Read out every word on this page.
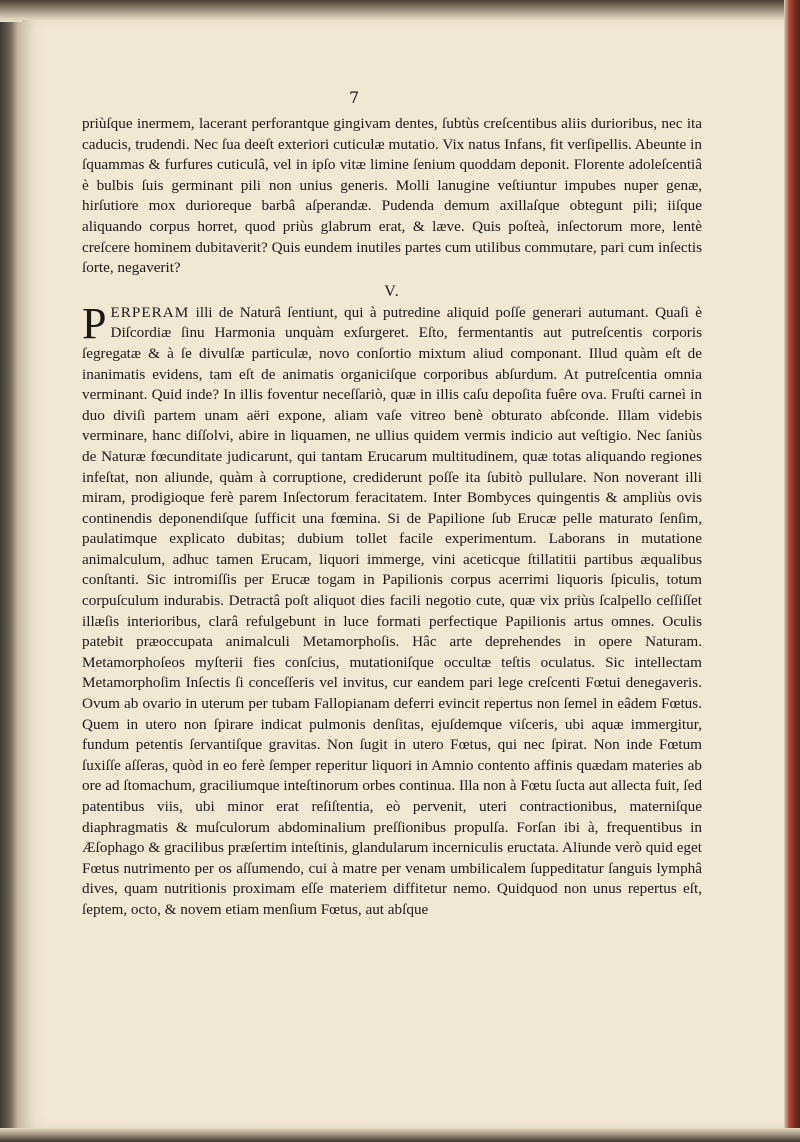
7

priùſque inermem, lacerant perforantque gingivam dentes, ſubtùs creſcentibus aliis durioribus, nec ita caducis, trudendi. Nec ſua deeſt exteriori cuticulæ mutatio. Vix natus Infans, fit verſipellis. Abeunte in ſquammas & furfures cuticulâ, vel in ipſo vitæ limine ſenium quoddam deponit. Florente adoleſcentiâ è bulbis ſuis germinant pili non unius generis. Molli lanugine veſtiuntur impubes nuper genæ, hirſutiore mox durioreque barbâ aſperandæ. Pudenda demum axillaſque obtegunt pili; iiſque aliquando corpus horret, quod priùs glabrum erat, & læve. Quis poſteà, inſectorum more, lentè creſcere hominem dubitaverit? Quis eundem inutiles partes cum utilibus commutare, pari cum inſectis ſorte, negaverit?

V.

PERPERAM illi de Naturâ ſentiunt, qui à putredine aliquid poſſe generari autumant. Quaſi è Diſcordiæ ſinu Harmonia unquàm exſurgeret. Eſto, fermentantis aut putreſcentis corporis ſegregatæ & à ſe divulſæ particulæ, novo conſortio mixtum aliud componant. Illud quàm eſt de inanimatis evidens, tam eſt de animatis organiciſque corporibus abſurdum. At putreſcentia omnia verminant. Quid inde? In illis foventur neceſſariò, quæ in illis caſu depoſita fuêre ova. Fruſti carneì in duo diviſi partem unam aëri expone, aliam vaſe vitreo benè obturato abſconde. Illam videbis verminare, hanc diſſolvi, abire in liquamen, ne ullius quidem vermis indicio aut veſtigio. Nec ſaniùs de Naturæ fœcunditate judicarunt, qui tantam Erucarum multitudinem, quæ totas aliquando regiones infeſtat, non aliunde, quàm à corruptione, crediderunt poſſe ita ſubitò pullulare. Non noverant illi miram, prodigioque ferè parem Inſectorum feracitatem. Inter Bombyces quingentis & ampliùs ovis continendis deponendiſque ſufficit una fœmina. Si de Papilione ſub Erucæ pelle maturato ſenſim, paulatimque explicato dubitas; dubium tollet facile experimentum. Laborans in mutatione animalculum, adhuc tamen Erucam, liquori immerge, vini aceticque ſtillatitii partibus æqualibus conſtanti. Sic intromiſſis per Erucæ togam in Papilionis corpus acerrimi liquoris ſpiculis, totum corpuſculum indurabis. Detractâ poſt aliquot dies facili negotio cute, quæ vix priùs ſcalpello ceſſiſſet illæſis interioribus, clarâ refulgebunt in luce formati perfectique Papilionis artus omnes. Oculis patebit præoccupata animalculi Metamorphoſis. Hâc arte deprehendes in opere Naturam. Metamorphoſeos myſterii fies conſcius, mutationiſque occultæ teſtis oculatus. Sic intellectam Metamorphoſim Inſectis ſi conceſſeris vel invitus, cur eandem pari lege creſcenti Fœtui denegaveris. Ovum ab ovario in uterum per tubam Fallopianam deferri evincit repertus non ſemel in eâdem Fœtus. Quem in utero non ſpirare indicat pulmonis denſitas, ejuſdemque viſceris, ubi aquæ immergitur, fundum petentis ſervantiſque gravitas. Non ſugit in utero Fœtus, qui nec ſpirat. Non inde Fœtum ſuxiſſe aſſeras, quòd in eo ferè ſemper reperitur liquori in Amnio contento affinis quædam materies ab ore ad ſtomachum, graciliumque inteſtinorum orbes continua. Illa non à Fœtu ſucta aut allecta fuit, ſed patentibus viis, ubi minor erat reſiſtentia, eò pervenit, uteri contractionibus, materniſque diaphragmatis & muſculorum abdominalium preſſionibus propulſa. Forſan ibi à, frequentibus in Æſophago & gracilibus præſertim inteſtinis, glandularum incerniculis eructata. Aliunde verò quid eget Fœtus nutrimento per os aſſumendo, cui à matre per venam umbilicalem ſuppeditatur ſanguis lymphâ dives, quam nutritionis proximam eſſe materiem diffitetur nemo. Quidquod non unus repertus eſt, ſeptem, octo, & novem etiam menſium Fœtus, aut abſque
